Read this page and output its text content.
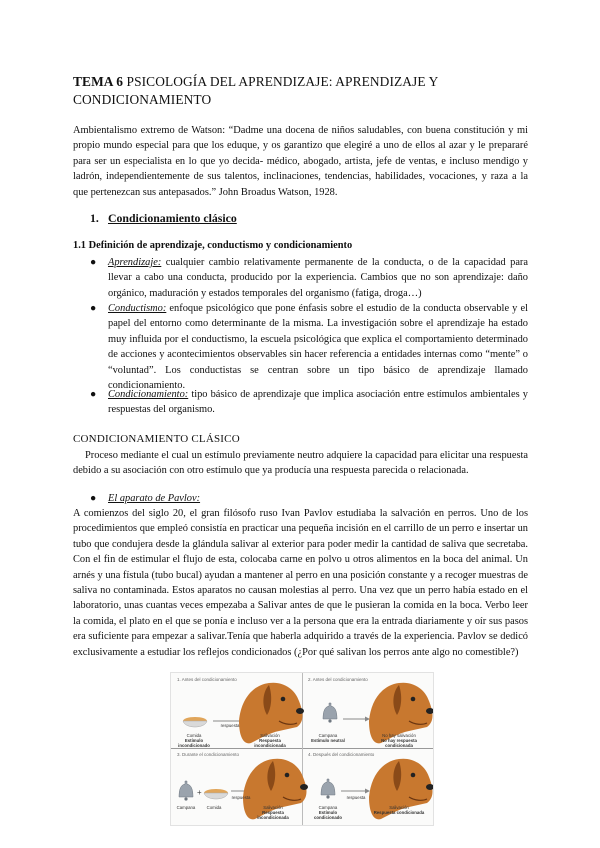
TEMA 6 PSICOLOGÍA DEL APRENDIZAJE: APRENDIZAJE Y CONDICIONAMIENTO
Ambientalismo extremo de Watson: “Dadme una docena de niños saludables, con buena constitución y mi propio mundo especial para que los eduque, y os garantizo que elegiré a uno de ellos al azar y le prepararé para ser un especialista en lo que yo decida- médico, abogado, artista, jefe de ventas, e incluso mendigo y ladrón, independientemente de sus talentos, inclinaciones, tendencias, habilidades, vocaciones, y raza a la que pertenezcan sus antepasados.” John Broadus Watson, 1928.
1. Condicionamiento clásico
1.1 Definición de aprendizaje, conductismo y condicionamiento
● Aprendizaje: cualquier cambio relativamente permanente de la conducta, o de la capacidad para llevar a cabo una conducta, producido por la experiencia. Cambios que no son aprendizaje: daño orgánico, maduración y estados temporales del organismo (fatiga, droga…)
● Conductismo: enfoque psicológico que pone énfasis sobre el estudio de la conducta observable y el papel del entorno como determinante de la misma. La investigación sobre el aprendizaje ha estado muy influida por el conductismo, la escuela psicológica que explica el comportamiento determinado de acciones y acontecimientos observables sin hacer referencia a entidades internas como “mente” o “voluntad”. Los conductistas se centran sobre un tipo básico de aprendizaje llamado condicionamiento.
● Condicionamiento: tipo básico de aprendizaje que implica asociación entre estímulos ambientales y respuestas del organismo.
CONDICIONAMIENTO CLÁSICO
Proceso mediante el cual un estímulo previamente neutro adquiere la capacidad para elicitar una respuesta debido a su asociación con otro estímulo que ya producía una respuesta parecida o relacionada.
● El aparato de Pavlov:
A comienzos del siglo 20, el gran filósofo ruso Ivan Pavlov estudiaba la salvación en perros. Uno de los procedimientos que empleó consistía en practicar una pequeña incisión en el carrillo de un perro e insertar un tubo que condujera desde la glándula salivar al exterior para poder medir la cantidad de saliva que secretaba. Con el fin de estimular el flujo de esta, colocaba carne en polvo u otros alimentos en la boca del animal. Un arnés y una fístula (tubo bucal) ayudan a mantener al perro en una posición constante y a recoger muestras de saliva no contaminada. Estos aparatos no causan molestias al perro. Una vez que un perro había estado en el laboratorio, unas cuantas veces empezaba a Salivar antes de que le pusieran la comida en la boca. Verbo leer la comida, el plato en el que se ponía e incluso ver a la persona que era la entrada diariamente y oír sus pasos era suficiente para empezar a salivar.Tenía que haberla adquirido a través de la experiencia. Pavlov se dedicó exclusivamente a estudiar los reflejos condicionados (¿Por qué salivan los perros ante algo no comestible?)
1. Antes del condicionamiento	2. Antes del condicionamiento
3. Durante el condicionamiento	4. Después del condicionamiento
+
Comida
Estímulo incondicionado
respuesta
Salivación
Respuesta incondicionada
Campana
Estímulo neutral
No hay salivación
No hay respuesta condicionada
Campana	Comida
respuesta
Salivación
Respuesta incondicionada
Campana
Estímulo condicionado
respuesta
Salivación
Respuesta condicionada
